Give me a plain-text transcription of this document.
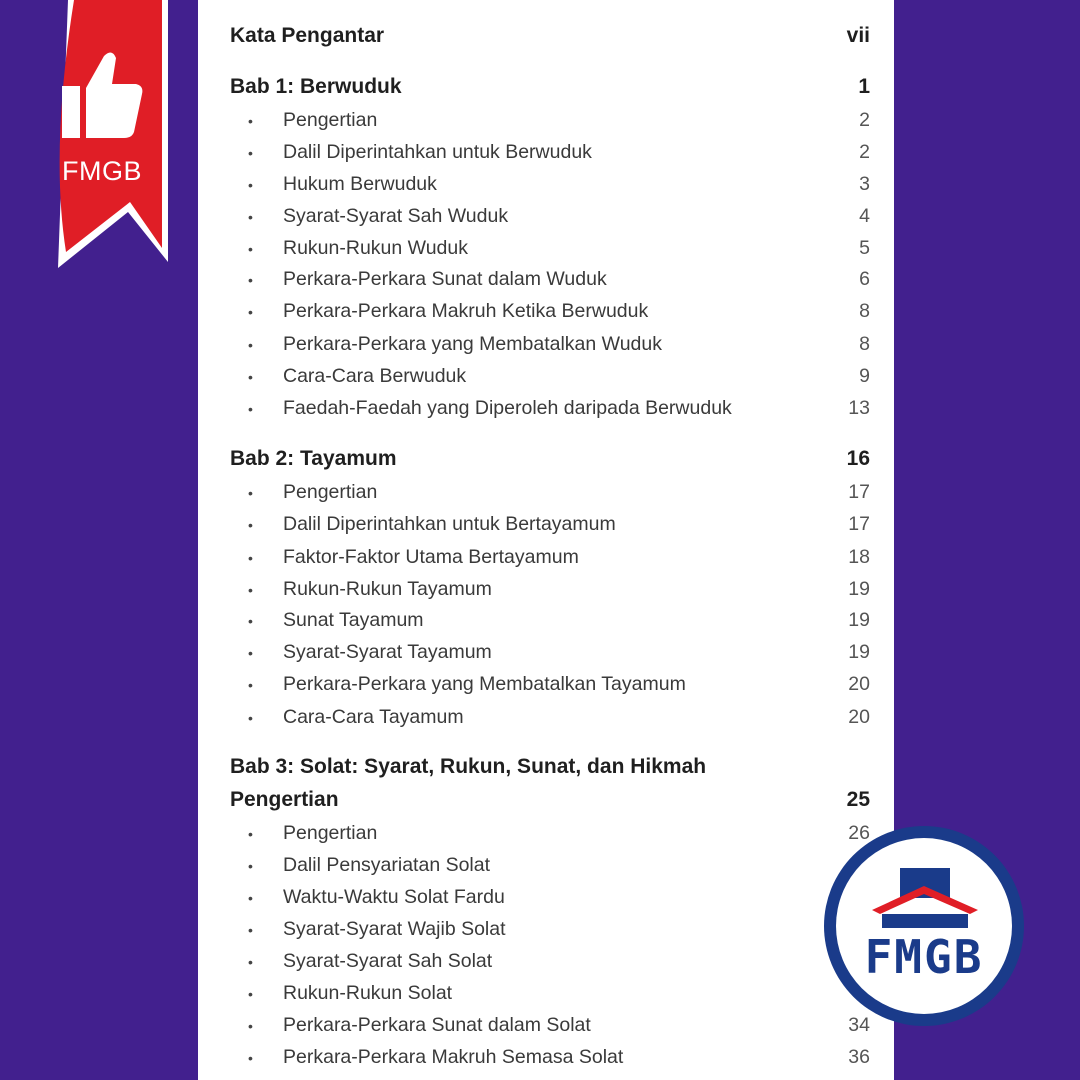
Kata Pengantar	vii
Bab 1: Berwuduk	1
•	Pengertian	2
•	Dalil Diperintahkan untuk Berwuduk	2
•	Hukum Berwuduk	3
•	Syarat-Syarat Sah Wuduk	4
•	Rukun-Rukun Wuduk	5
•	Perkara-Perkara Sunat dalam Wuduk	6
•	Perkara-Perkara Makruh Ketika Berwuduk	8
•	Perkara-Perkara yang Membatalkan Wuduk	8
•	Cara-Cara Berwuduk	9
•	Faedah-Faedah yang Diperoleh daripada Berwuduk	13
Bab 2: Tayamum	16
•	Pengertian	17
•	Dalil Diperintahkan untuk Bertayamum	17
•	Faktor-Faktor Utama Bertayamum	18
•	Rukun-Rukun Tayamum	19
•	Sunat Tayamum	19
•	Syarat-Syarat Tayamum	19
•	Perkara-Perkara yang Membatalkan Tayamum	20
•	Cara-Cara Tayamum	20
Bab 3: Solat: Syarat, Rukun, Sunat, dan Hikmah
Pengertian	25
•	Pengertian	26
•	Dalil Pensyariatan Solat
•	Waktu-Waktu Solat Fardu
•	Syarat-Syarat Wajib Solat
•	Syarat-Syarat Sah Solat
•	Rukun-Rukun Solat
•	Perkara-Perkara Sunat dalam Solat	34
•	Perkara-Perkara Makruh Semasa Solat	36
FMGB
FMGB
